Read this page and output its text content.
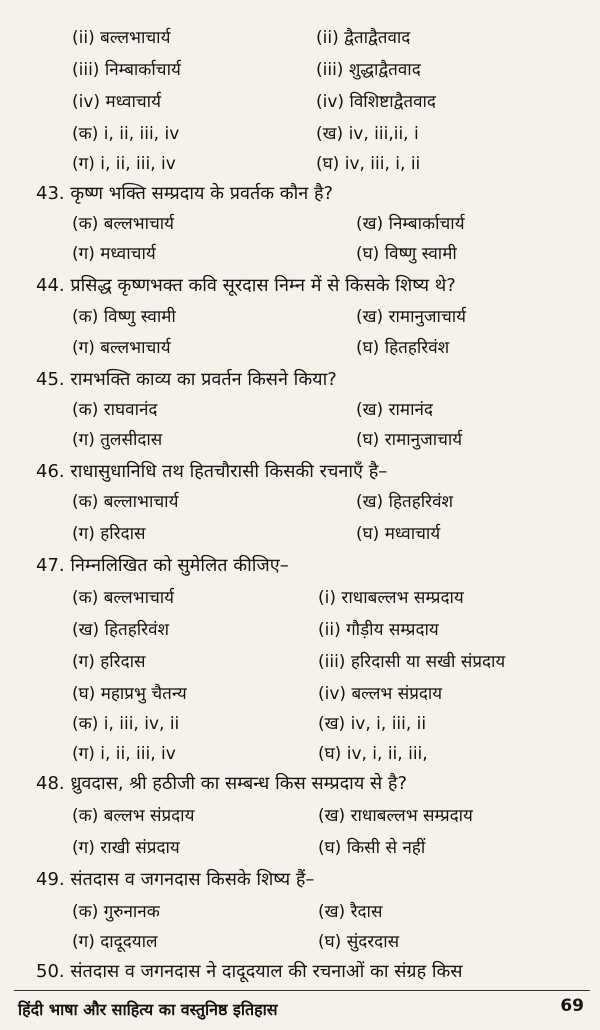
(ii) बल्लभाचार्य	(ii) द्वैताद्वैतवाद
(iii) निम्बार्काचार्य	(iii) शुद्धाद्वैतवाद
(iv) मध्वाचार्य	(iv) विशिष्टाद्वैतवाद
(क) i, ii, iii, iv	(ख) iv, iii,ii, i
(ग) i, ii, iii, iv	(घ) iv, iii, i, ii
43. कृष्ण भक्ति सम्प्रदाय के प्रवर्तक कौन है?
(क) बल्लभाचार्य	(ख) निम्बार्काचार्य
(ग) मध्वाचार्य	(घ) विष्णु स्वामी
44. प्रसिद्ध कृष्णभक्त कवि सूरदास निम्न में से किसके शिष्य थे?
(क) विष्णु स्वामी	(ख) रामानुजाचार्य
(ग) बल्लभाचार्य	(घ) हितहरिवंश
45. रामभक्ति काव्य का प्रवर्तन किसने किया?
(क) राघवानंद	(ख) रामानंद
(ग) तुलसीदास	(घ) रामानुजाचार्य
46. राधासुधानिधि तथ हितचौरासी किसकी रचनाएँ है–
(क) बल्लाभाचार्य	(ख) हितहरिवंश
(ग) हरिदास	(घ) मध्वाचार्य
47. निम्नलिखित को सुमेलित कीजिए–
(क) बल्लभाचार्य	(i) राधाबल्लभ सम्प्रदाय
(ख) हितहरिवंश	(ii) गौड़ीय सम्प्रदाय
(ग) हरिदास	(iii) हरिदासी या सखी संप्रदाय
(घ) महाप्रभु चैतन्य	(iv) बल्लभ संप्रदाय
(क) i, iii, iv, ii	(ख) iv, i, iii, ii
(ग) i, ii, iii, iv	(घ) iv, i, ii, iii,
48. ध्रुवदास, श्री हठीजी का सम्बन्ध किस सम्प्रदाय से है?
(क) बल्लभ संप्रदाय	(ख) राधाबल्लभ सम्प्रदाय
(ग) राखी संप्रदाय	(घ) किसी से नहीं
49. संतदास व जगनदास किसके शिष्य हैं–
(क) गुरुनानक	(ख) रैदास
(ग) दादूदयाल	(घ) सुंदरदास
50. संतदास व जगनदास ने दादूदयाल की रचनाओं का संग्रह किस
हिंदी भाषा और साहित्य का वस्तुनिष्ठ इतिहास	69
